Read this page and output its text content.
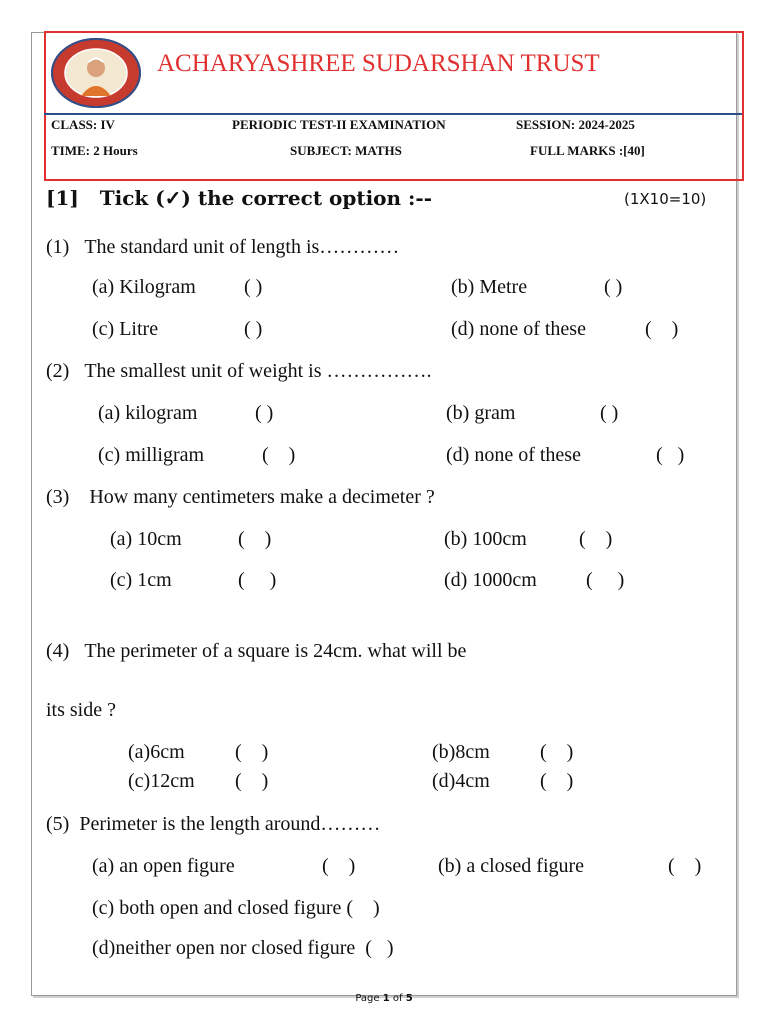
ACHARYASHREE SUDARSHAN TRUST
CLASS: IV	PERIODIC TEST-II EXAMINATION	SESSION: 2024-2025
TIME: 2 Hours	SUBJECT: MATHS	FULL MARKS :[40]
[1] Tick (✓) the correct option :--	(1X10=10)
(1) The standard unit of length is…………
(a) Kilogram ( )	(b) Metre	( )
(c) Litre	( )	(d) none of these	(    )
(2) The smallest unit of weight is …………….
(a) kilogram	( )	(b) gram	( )
(c) milligram	(    )	(d) none of these	(   )
(3) How many centimeters make a decimeter ?
(a) 10cm	(    )	(b) 100cm	(    )
(c) 1cm	(     )	(d) 1000cm (     )
(4) The perimeter of a square is 24cm. what will be
its side ?
(a)6cm	(    )	(b)8cm	(    )
(c)12cm (    )	(d)4cm	(    )
(5) Perimeter is the length around………
(a) an open figure	(    )	(b) a closed figure	(    )
(c) both open and closed figure (    )
(d)neither open nor closed figure  (   )
Page 1 of 5
